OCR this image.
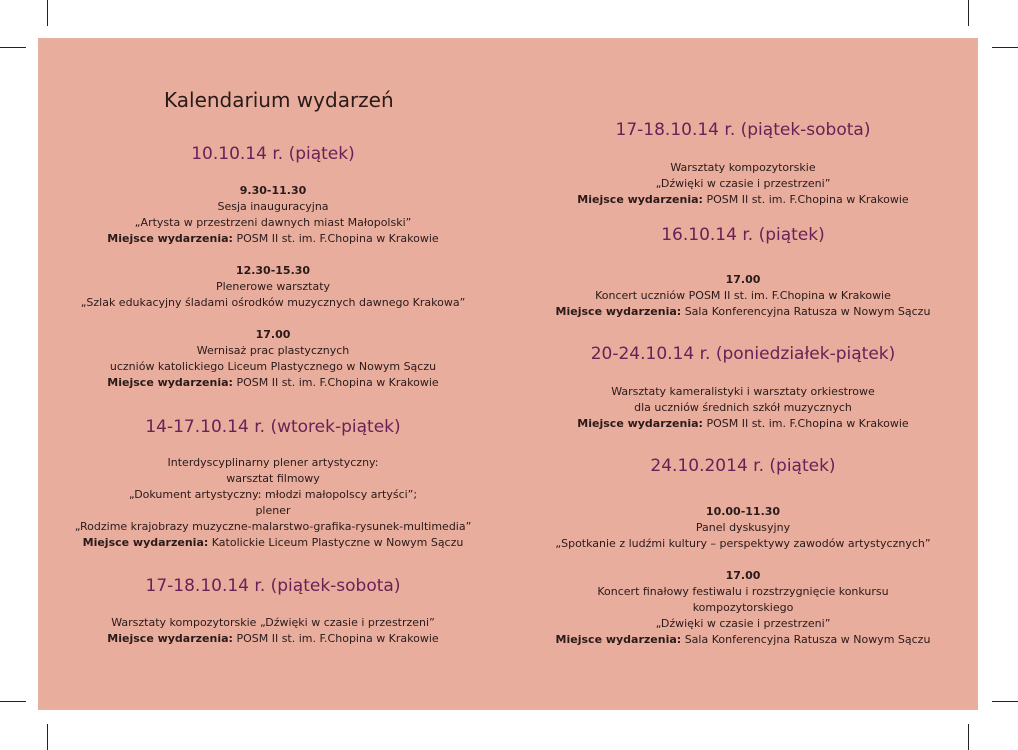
Kalendarium wydarzeń
10.10.14 r. (piątek)
9.30-11.30
Sesja inauguracyjna
„Artysta w przestrzeni dawnych miast Małopolski”
Miejsce wydarzenia: POSM II st. im. F.Chopina w Krakowie
12.30-15.30
Plenerowe warsztaty
„Szlak edukacyjny śladami ośrodków muzycznych dawnego Krakowa”
17.00
Wernisaż prac plastycznych
uczniów katolickiego Liceum Plastycznego w Nowym Sączu
Miejsce wydarzenia: POSM II st. im. F.Chopina w Krakowie
14-17.10.14 r. (wtorek-piątek)
Interdyscyplinarny plener artystyczny:
warsztat filmowy
„Dokument artystyczny: młodzi małopolscy artyści”;
plener
„Rodzime krajobrazy muzyczne-malarstwo-grafika-rysunek-multimedia”
Miejsce wydarzenia: Katolickie Liceum Plastyczne w Nowym Sączu
17-18.10.14 r. (piątek-sobota)
Warsztaty kompozytorskie „Dźwięki w czasie i przestrzeni”
Miejsce wydarzenia: POSM II st. im. F.Chopina w Krakowie
17-18.10.14 r. (piątek-sobota)
Warsztaty kompozytorskie
„Dźwięki w czasie i przestrzeni”
Miejsce wydarzenia: POSM II st. im. F.Chopina w Krakowie
16.10.14 r. (piątek)
17.00
Koncert uczniów POSM II st. im. F.Chopina w Krakowie
Miejsce wydarzenia: Sala Konferencyjna Ratusza w Nowym Sączu
20-24.10.14 r. (poniedziałek-piątek)
Warsztaty kameralistyki i warsztaty orkiestrowe
dla uczniów średnich szkół muzycznych
Miejsce wydarzenia: POSM II st. im. F.Chopina w Krakowie
24.10.2014 r. (piątek)
10.00-11.30
Panel dyskusyjny
„Spotkanie z ludźmi kultury – perspektywy zawodów artystycznych”
17.00
Koncert finałowy festiwalu i rozstrzygnięcie konkursu
kompozytorskiego
„Dźwięki w czasie i przestrzeni”
Miejsce wydarzenia: Sala Konferencyjna Ratusza w Nowym Sączu
